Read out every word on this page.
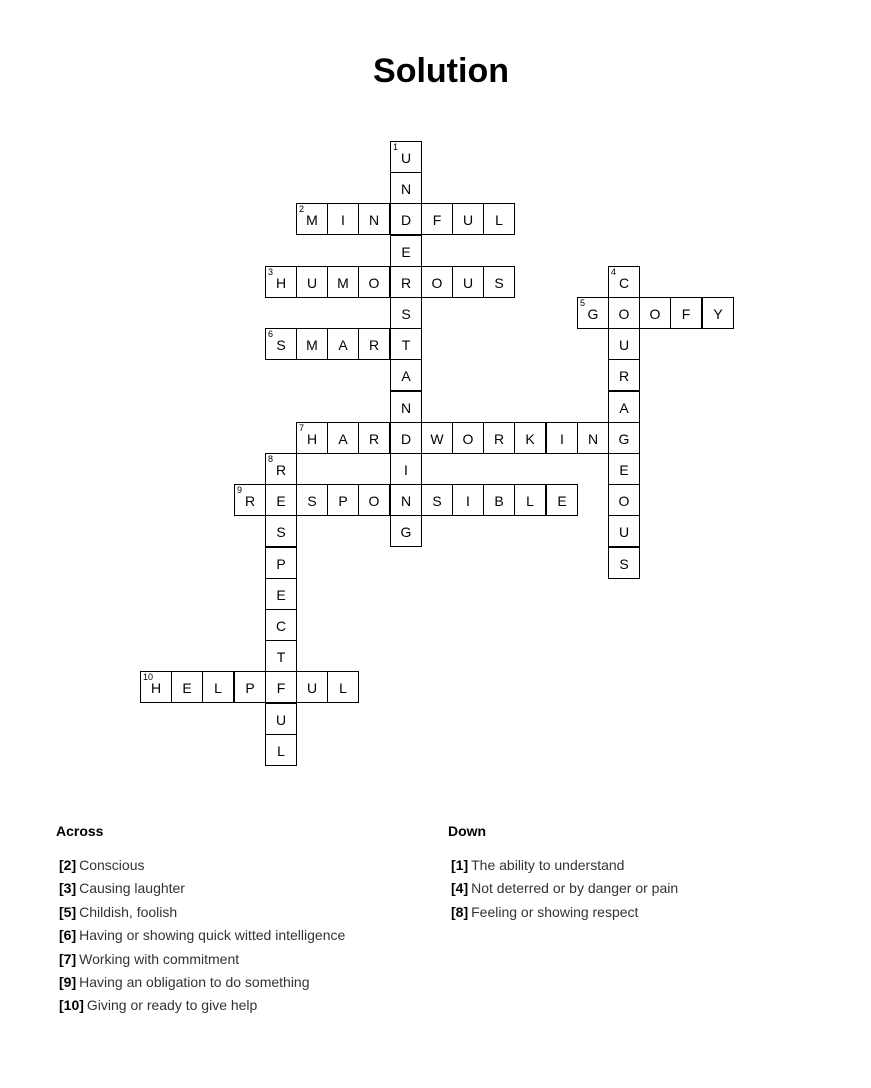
Solution
1
U
N
D
E
R
S
T
A
N
D
I
N
G
2
M	I	N	F	U	L
3
H	U	M	O	O	U	S
4
C
O
U
R
A
G
E
O
U
S
5
G	O	F	Y
6
S	M	A	R
7
H	A	R	W	O	R	K	I	N
8
R
E
S
P
E
C
T
F
U
L
9
R	S	P	O	S	I	B	L	E
10
H	E	L	P	U	L
Across
[2] Conscious
[3] Causing laughter
[5] Childish, foolish
[6] Having or showing quick witted intelligence
[7] Working with commitment
[9] Having an obligation to do something
[10] Giving or ready to give help
Down
[1] The ability to understand
[4] Not deterred or by danger or pain
[8] Feeling or showing respect
